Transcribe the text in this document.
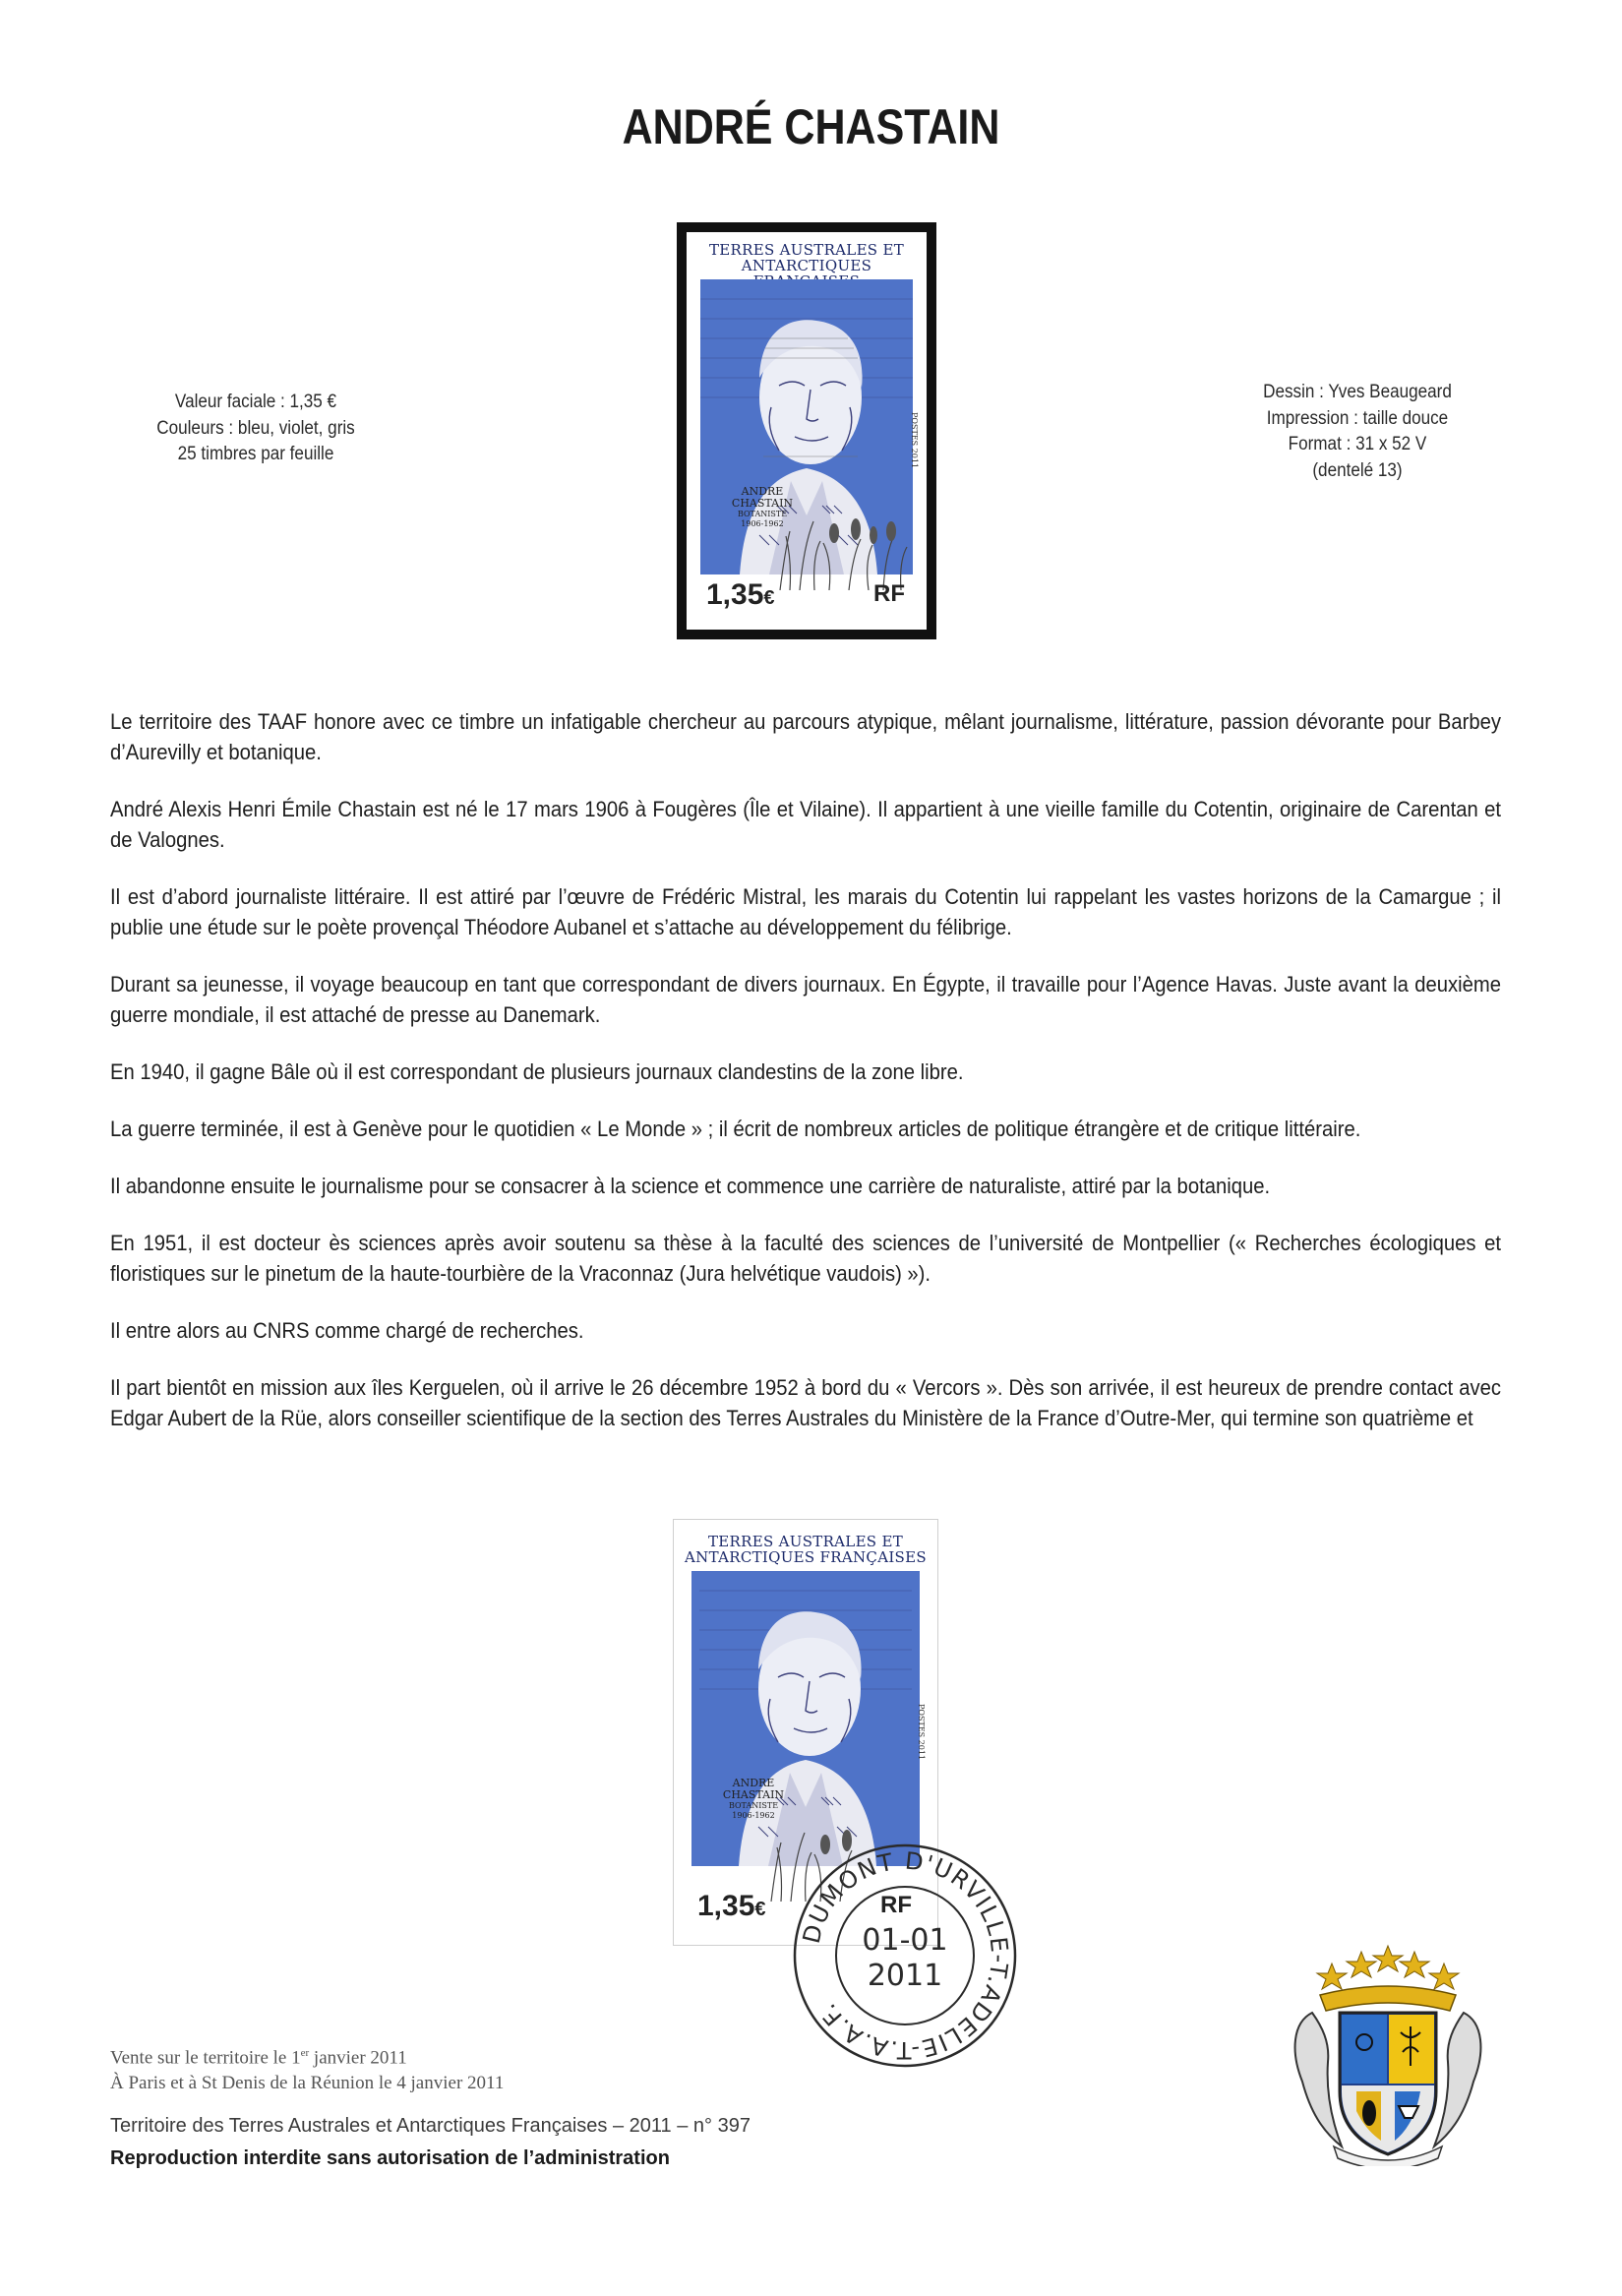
ANDRÉ CHASTAIN
Valeur faciale : 1,35 €
Couleurs : bleu, violet, gris
25 timbres par feuille
Dessin : Yves Beaugeard
Impression : taille douce
Format : 31 x 52 V
(dentelé 13)
TERRES AUSTRALES ET
ANTARCTIQUES
ANDRE
CHASTAIN
BOTANISTE
1906-1962
POSTES 2011
1,35€	RF

Le territoire des TAAF honore avec ce timbre un infatigable chercheur au parcours atypique, mêlant journalisme, littérature, passion dévorante pour Barbey d’Aurevilly et botanique.

André Alexis Henri Émile Chastain est né le 17 mars 1906 à Fougères (Île et Vilaine). Il appartient à une vieille famille du Cotentin, originaire de Carentan et de Valognes.

Il est d’abord journaliste littéraire. Il est attiré par l’œuvre de Frédéric Mistral, les marais du Cotentin lui rappelant les vastes horizons de la Camargue ; il publie une étude sur le poète provençal Théodore Aubanel et s’attache au développement du félibrige.

Durant sa jeunesse, il voyage beaucoup en tant que correspondant de divers journaux. En Égypte, il travaille pour l’Agence Havas. Juste avant la deuxième guerre mondiale, il est attaché de presse au Danemark.

En 1940, il gagne Bâle où il est correspondant de plusieurs journaux clandestins de la zone libre.

La guerre terminée, il est à Genève pour le quotidien « Le Monde » ; il écrit de nombreux articles de politique étrangère et de critique littéraire.

Il abandonne ensuite le journalisme pour se consacrer à la science et commence une carrière de naturaliste, attiré par la botanique.

En 1951, il est docteur ès sciences après avoir soutenu sa thèse à la faculté des sciences de l’université de Montpellier (« Recherches écologiques et floristiques sur le pinetum de la haute-tourbière de la Vraconnaz (Jura helvétique vaudois) »).

Il entre alors au CNRS comme chargé de recherches.

Il part bientôt en mission aux îles Kerguelen, où il arrive le 26 décembre 1952 à bord du « Vercors ». Dès son arrivée, il est heureux de prendre contact avec Edgar Aubert de la Rüe, alors conseiller scientifique de la section des Terres Australes du Ministère de la France d’Outre-Mer, qui termine son quatrième et

TERRES AUSTRALES ET
ANTARCTIQUES FRANÇAISES
ANDRE
CHASTAIN
BOTANISTE
1906-1962
POSTES 2011
1,35€	RF
DUMONT D'URVILLE-T.ADELIE-T.A.A.F.
01-01
2011
Vente sur le territoire le 1er janvier 2011
À Paris et à St Denis de la Réunion le 4 janvier 2011
Territoire des Terres Australes et Antarctiques Françaises – 2011 – n° 397
Reproduction interdite sans autorisation de l’administration
